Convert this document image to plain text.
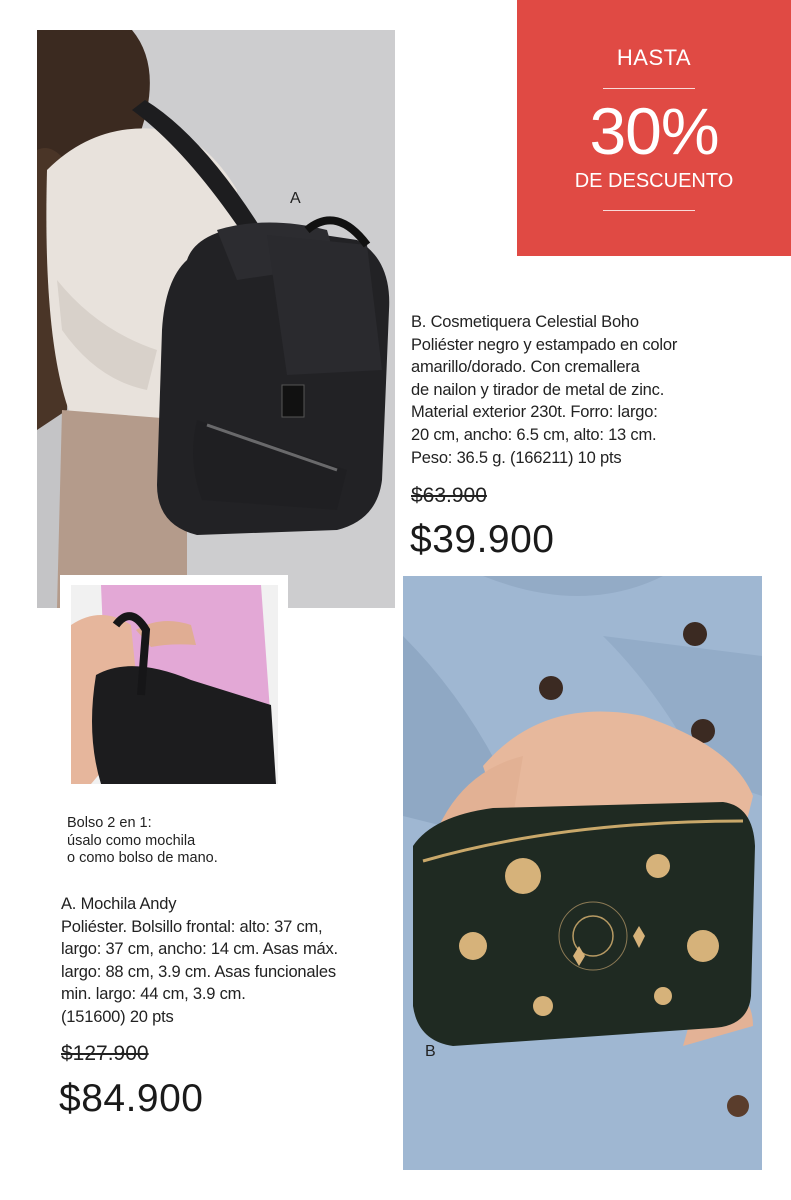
A
B
HASTA
30%
DE DESCUENTO
B. Cosmetiquera Celestial Boho
Poliéster negro y estampado en color
amarillo/dorado. Con cremallera
de nailon y tirador de metal de zinc.
Material exterior 230t. Forro: largo:
20 cm, ancho: 6.5 cm, alto: 13 cm.
Peso: 36.5 g. (166211) 10 pts
$63.900
$39.900
Bolso 2 en 1:
úsalo como mochila
o como bolso de mano.
A. Mochila Andy
Poliéster. Bolsillo frontal: alto: 37 cm,
largo: 37 cm, ancho: 14 cm. Asas máx.
largo: 88 cm, 3.9 cm. Asas funcionales
min. largo: 44 cm, 3.9 cm.
(151600) 20 pts
$127.900
$84.900
